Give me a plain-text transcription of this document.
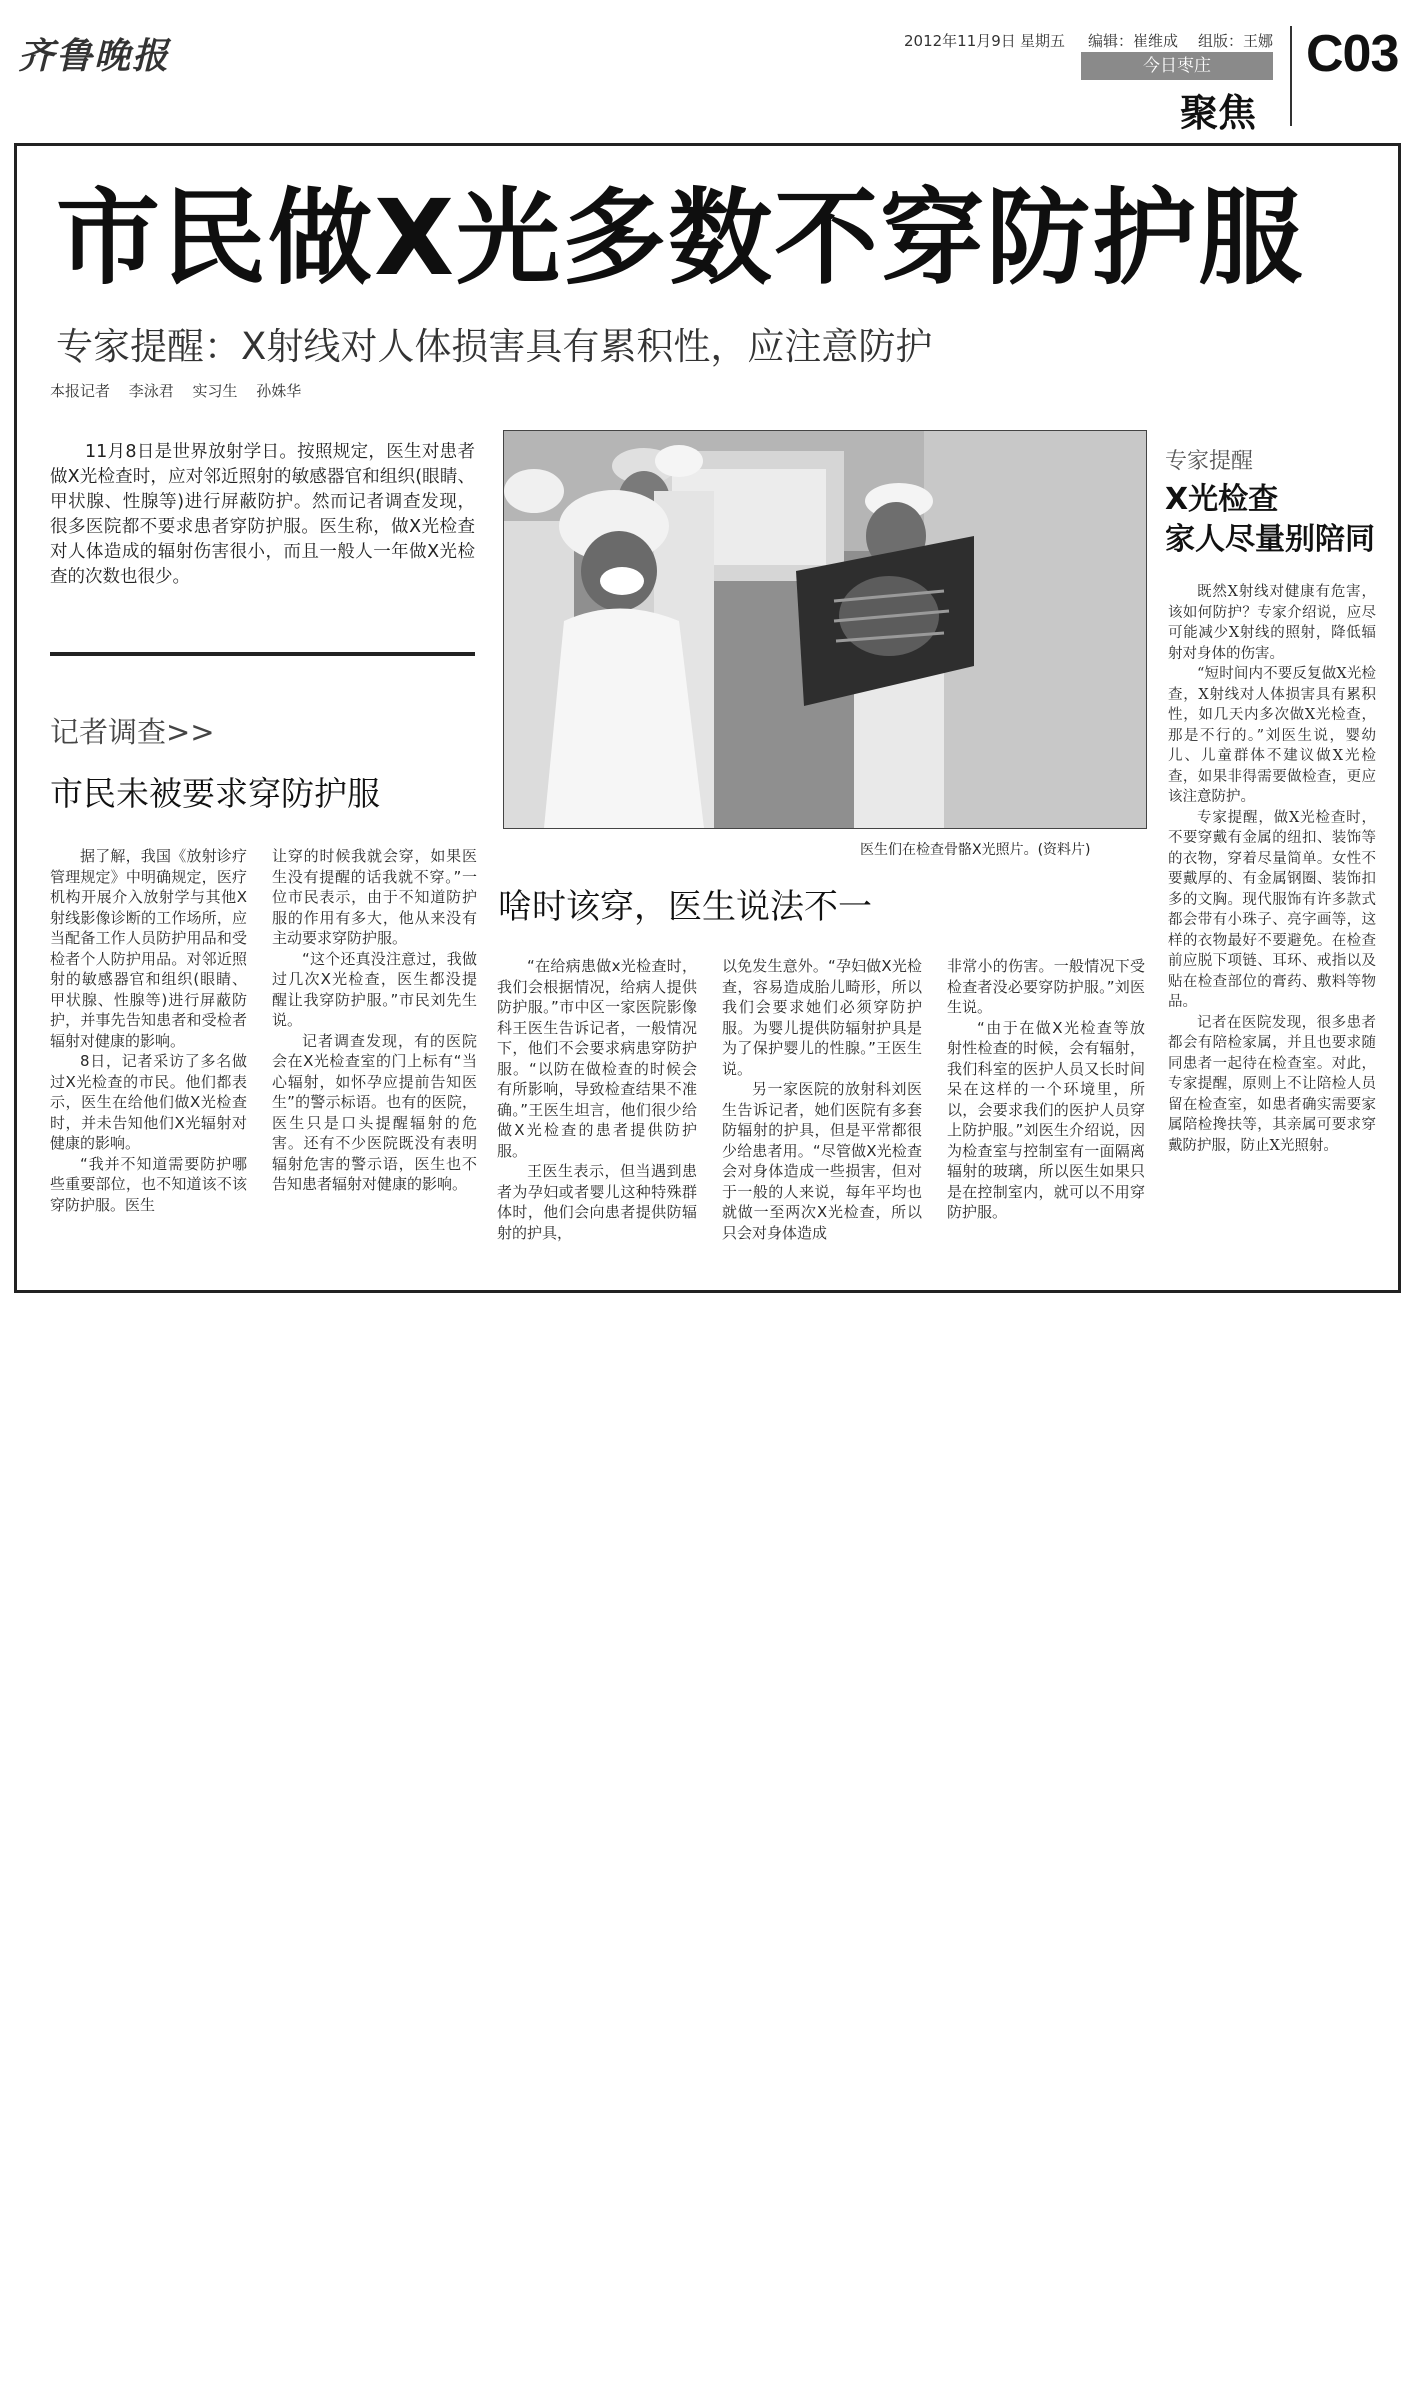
齐鲁晚报	2012年11月9日 星期五 编辑：崔维成 组版：王娜
今日枣庄
聚焦
C03
市民做X光多数不穿防护服
专家提醒：X射线对人体损害具有累积性，应注意防护
本报记者 李泳君 实习生 孙姝华
11月8日是世界放射学日。按照规定，医生对患者做X光检查时，应对邻近照射的敏感器官和组织(眼睛、甲状腺、性腺等)进行屏蔽防护。然而记者调查发现，很多医院都不要求患者穿防护服。医生称，做X光检查对人体造成的辐射伤害很小，而且一般人一年做X光检查的次数也很少。
记者调查>>
市民未被要求穿防护服

据了解，我国《放射诊疗管理规定》中明确规定，医疗机构开展介入放射学与其他X射线影像诊断的工作场所，应当配备工作人员防护用品和受检者个人防护用品。对邻近照射的敏感器官和组织(眼睛、甲状腺、性腺等)进行屏蔽防护，并事先告知患者和受检者辐射对健康的影响。

8日，记者采访了多名做过X光检查的市民。他们都表示，医生在给他们做X光检查时，并未告知他们X光辐射对健康的影响。

“我并不知道需要防护哪些重要部位，也不知道该不该穿防护服。医生

让穿的时候我就会穿，如果医生没有提醒的话我就不穿。”一位市民表示，由于不知道防护服的作用有多大，他从来没有主动要求穿防护服。

“这个还真没注意过，我做过几次X光检查，医生都没提醒让我穿防护服。”市民刘先生说。

记者调查发现，有的医院会在X光检查室的门上标有“当心辐射，如怀孕应提前告知医生”的警示标语。也有的医院，医生只是口头提醒辐射的危害。还有不少医院既没有表明辐射危害的警示语，医生也不告知患者辐射对健康的影响。

医生们在检查骨骼X光照片。(资料片)
啥时该穿，医生说法不一

“在给病患做x光检查时，我们会根据情况，给病人提供防护服。”市中区一家医院影像科王医生告诉记者，一般情况下，他们不会要求病患穿防护服。“以防在做检查的时候会有所影响，导致检查结果不准确。”王医生坦言，他们很少给做X光检查的患者提供防护服。

王医生表示，但当遇到患者为孕妇或者婴儿这种特殊群体时，他们会向患者提供防辐射的护具，

以免发生意外。“孕妇做X光检查，容易造成胎儿畸形，所以我们会要求她们必须穿防护服。为婴儿提供防辐射护具是为了保护婴儿的性腺。”王医生说。

另一家医院的放射科刘医生告诉记者，她们医院有多套防辐射的护具，但是平常都很少给患者用。“尽管做X光检查会对身体造成一些损害，但对于一般的人来说，每年平均也就做一至两次X光检查，所以只会对身体造成

非常小的伤害。一般情况下受检查者没必要穿防护服。”刘医生说。

“由于在做X光检查等放射性检查的时候，会有辐射，我们科室的医护人员又长时间呆在这样的一个环境里，所以，会要求我们的医护人员穿上防护服。”刘医生介绍说，因为检查室与控制室有一面隔离辐射的玻璃，所以医生如果只是在控制室内，就可以不用穿防护服。

专家提醒
X光检查
家人尽量别陪同

既然X射线对健康有危害，该如何防护？专家介绍说，应尽可能减少X射线的照射，降低辐射对身体的伤害。

“短时间内不要反复做X光检查，X射线对人体损害具有累积性，如几天内多次做X光检查，那是不行的。”刘医生说，婴幼儿、儿童群体不建议做X光检查，如果非得需要做检查，更应该注意防护。

专家提醒，做X光检查时，不要穿戴有金属的纽扣、装饰等的衣物，穿着尽量简单。女性不要戴厚的、有金属钢圈、装饰扣多的文胸。现代服饰有许多款式都会带有小珠子、亮字画等，这样的衣物最好不要避免。在检查前应脱下项链、耳环、戒指以及贴在检查部位的膏药、敷料等物品。

记者在医院发现，很多患者都会有陪检家属，并且也要求随同患者一起待在检查室。对此，专家提醒，原则上不让陪检人员留在检查室，如患者确实需要家属陪检搀扶等，其亲属可要求穿戴防护服，防止X光照射。
